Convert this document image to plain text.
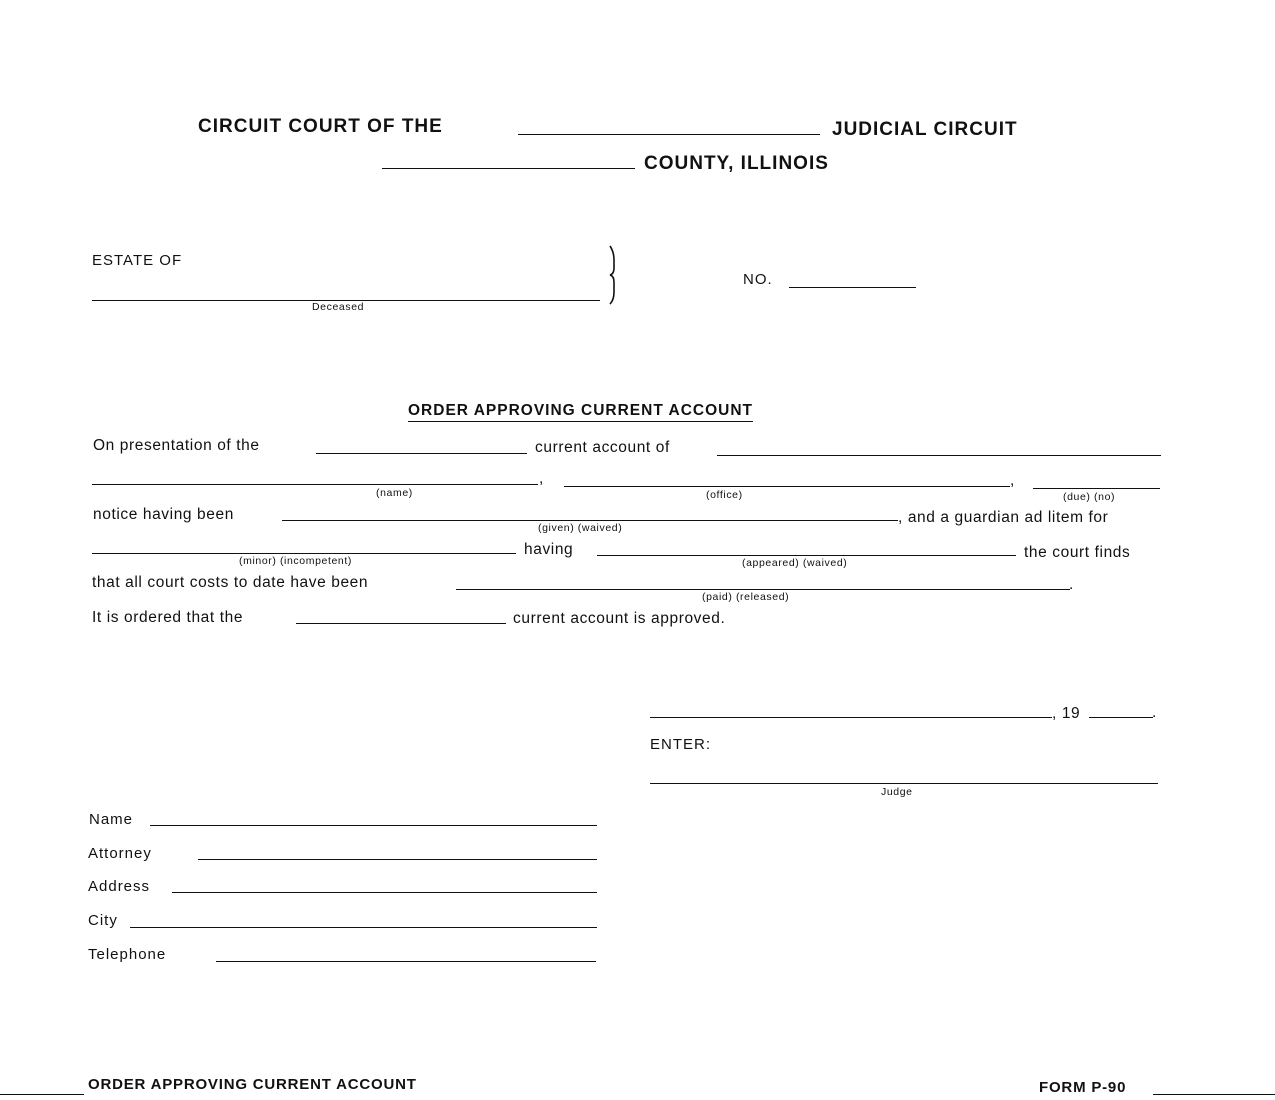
CIRCUIT COURT OF THE	JUDICIAL CIRCUIT
COUNTY, ILLINOIS
ESTATE OF
Deceased
NO.
ORDER APPROVING CURRENT ACCOUNT
On presentation of the	current account of
,
(name)
,
(office)	(due) (no)
notice having been
(given) (waived)
, and a guardian ad litem for
(minor) (incompetent)
having
(appeared) (waived)
the court finds
that all court costs to date have been	.
(paid) (released)
It is ordered that the	current account is approved.
, 19	.
ENTER:
Judge
Name
Attorney
Address
City
Telephone
ORDER APPROVING CURRENT ACCOUNT	FORM P-90
